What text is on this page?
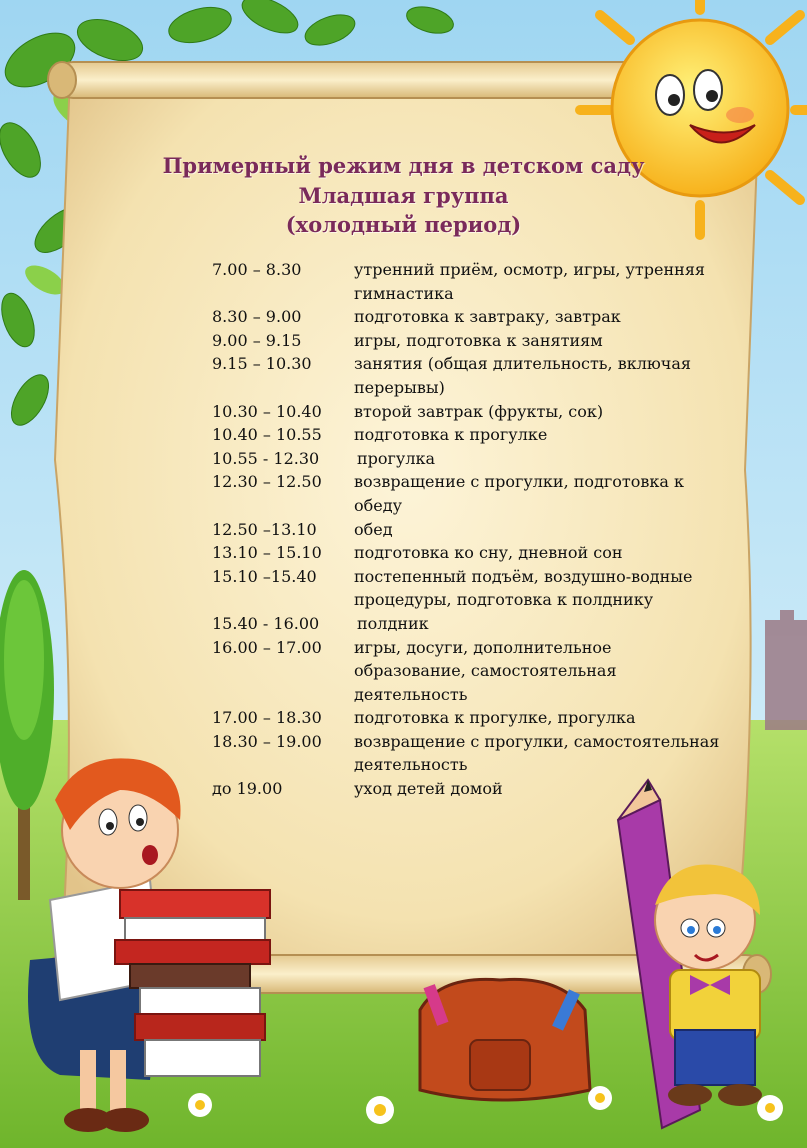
Примерный режим дня в детском саду
Младшая группа
(холодный период)
7.00 – 8.30	утренний приём, осмотр, игры, утренняя гимнастика
8.30 – 9.00	подготовка к завтраку, завтрак
9.00 – 9.15	игры, подготовка к занятиям
9.15 – 10.30	занятия (общая длительность, включая перерывы)
10.30 – 10.40	второй завтрак (фрукты, сок)
10.40 – 10.55	подготовка к прогулке
10.55 - 12.30	прогулка
12.30 – 12.50	возвращение с прогулки, подготовка к обеду
12.50 –13.10	обед
13.10 – 15.10	подготовка ко сну, дневной сон
15.10 –15.40	постепенный подъём, воздушно-водные процедуры, подготовка к полднику
15.40 - 16.00	полдник
16.00 – 17.00	игры, досуги, дополнительное образование, самостоятельная деятельность
17.00 – 18.30	подготовка к прогулке, прогулка
18.30 – 19.00	возвращение с прогулки, самостоятельная деятельность
до 19.00	уход детей домой
